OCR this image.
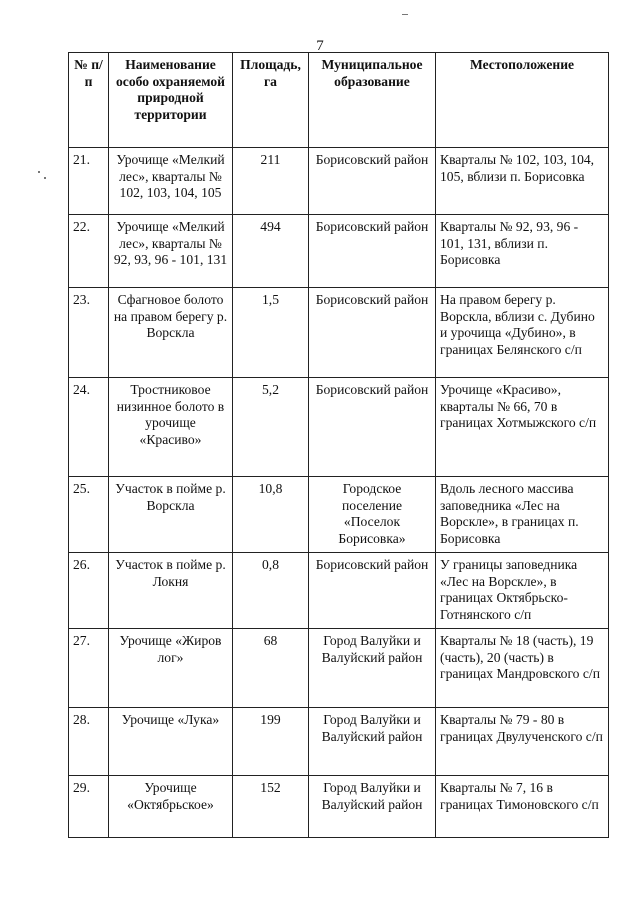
7
№ п/п	Наименование особо охраняемой природной территории	Площадь, га	Муниципальное образование	Местоположение
21.	Урочище «Мелкий лес», кварталы № 102, 103, 104, 105	211	Борисовский район	Кварталы № 102, 103, 104, 105, вблизи п. Борисовка
22.	Урочище «Мелкий лес», кварталы № 92, 93, 96 - 101, 131	494	Борисовский район	Кварталы № 92, 93, 96 - 101, 131, вблизи п. Борисовка
23.	Сфагновое болото на правом берегу р. Ворскла	1,5	Борисовский район	На правом берегу р. Ворскла, вблизи с. Дубино и урочища «Дубино», в границах Белянского с/п
24.	Тростниковое низинное болото в урочище «Красиво»	5,2	Борисовский район	Урочище «Красиво», кварталы № 66, 70 в границах Хотмыжского с/п
25.	Участок в пойме р. Ворскла	10,8	Городское поселение «Поселок Борисовка»	Вдоль лесного массива заповедника «Лес на Ворскле», в границах п. Борисовка
26.	Участок в пойме р. Локня	0,8	Борисовский район	У границы заповедника «Лес на Ворскле», в границах Октябрьско-Готнянского с/п
27.	Урочище «Жиров лог»	68	Город Валуйки и Валуйский район	Кварталы № 18 (часть), 19 (часть), 20 (часть) в границах Мандровского с/п
28.	Урочище «Лука»	199	Город Валуйки и Валуйский район	Кварталы № 79 - 80 в границах Двулученского с/п
29.	Урочище «Октябрьское»	152	Город Валуйки и Валуйский район	Кварталы № 7, 16 в границах Тимоновского с/п
